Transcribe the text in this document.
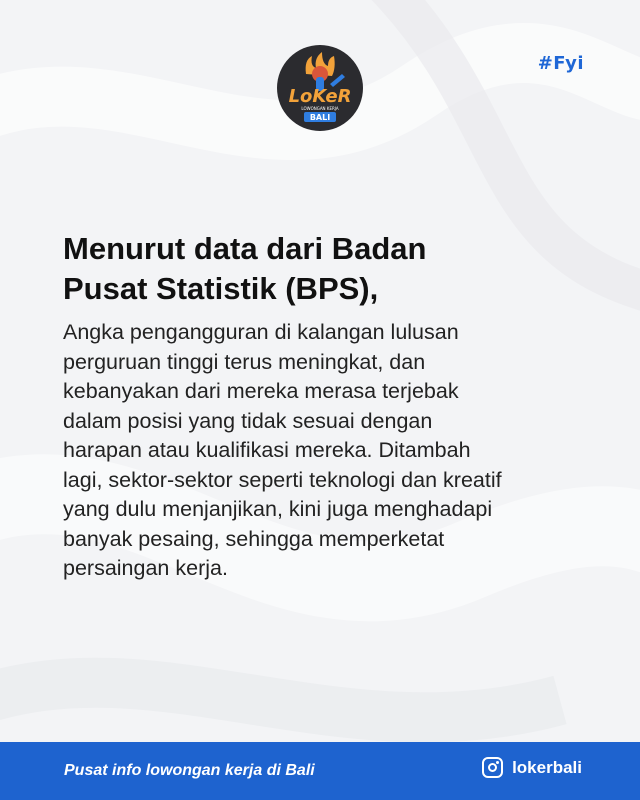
LoKeR
LOWONGAN KERJA
BALI
#Fyi
Menurut data dari Badan
Pusat Statistik (BPS),

Angka pengangguran di kalangan lulusan
perguruan tinggi terus meningkat, dan
kebanyakan dari mereka merasa terjebak
dalam posisi yang tidak sesuai dengan
harapan atau kualifikasi mereka. Ditambah
lagi, sektor-sektor seperti teknologi dan kreatif
yang dulu menjanjikan, kini juga menghadapi
banyak pesaing, sehingga memperketat
persaingan kerja.

Pusat info lowongan kerja di Bali	lokerbali
